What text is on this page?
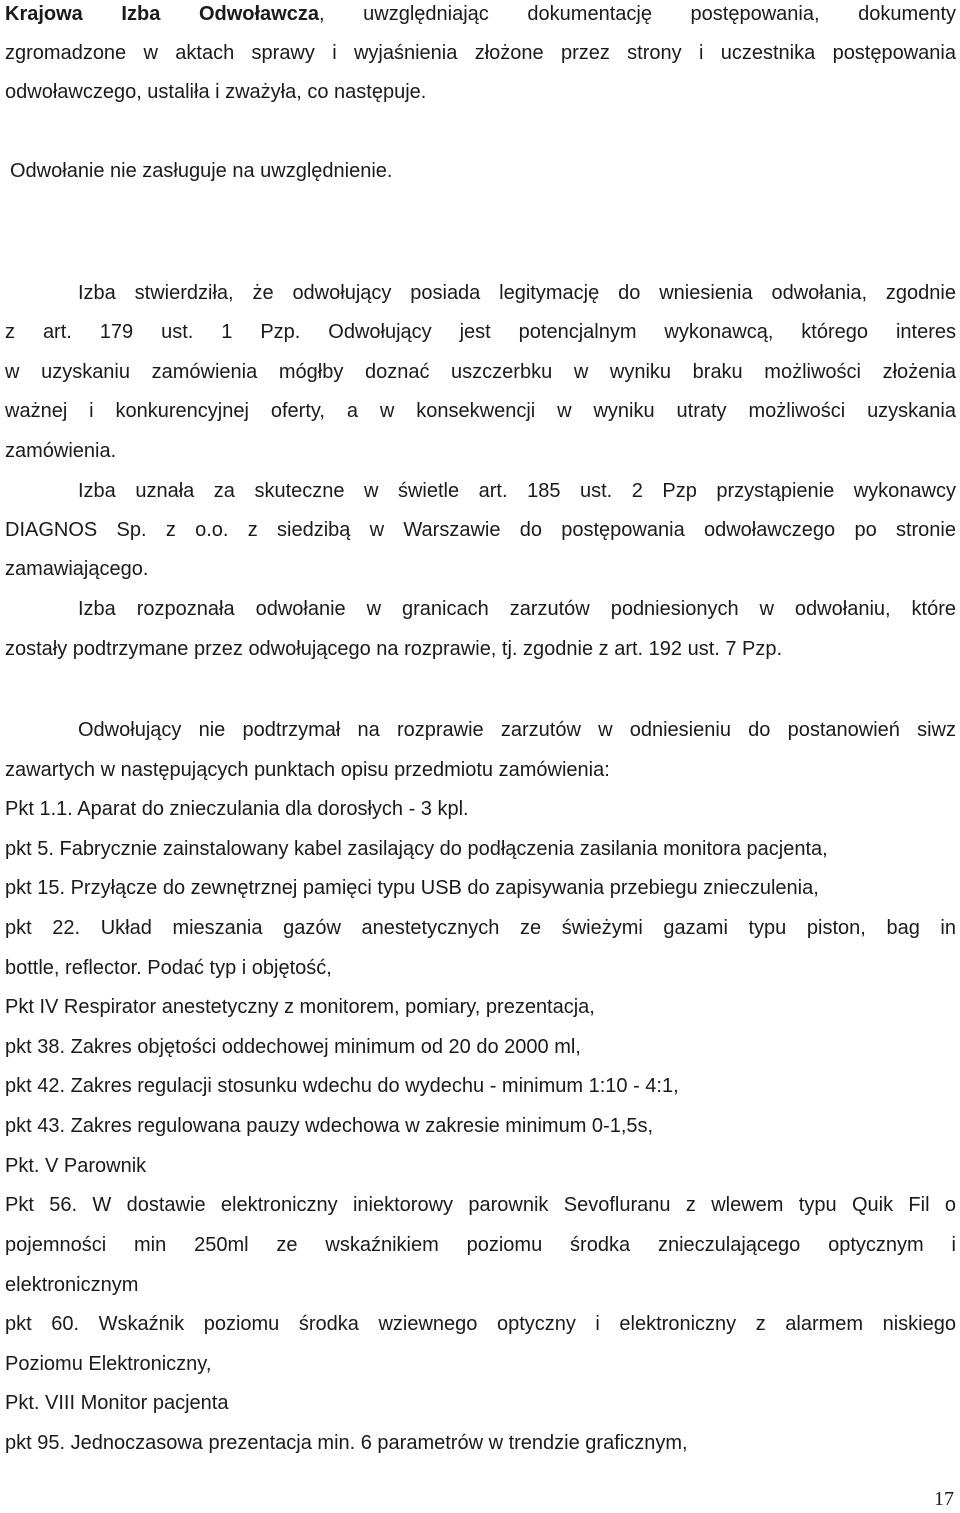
Krajowa Izba Odwoławcza, uwzględniając dokumentację postępowania, dokumenty
zgromadzone w aktach sprawy i wyjaśnienia złożone przez strony i uczestnika postępowania
odwoławczego, ustaliła i zważyła, co następuje.
Odwołanie nie zasługuje na uwzględnienie.
Izba stwierdziła, że odwołujący posiada legitymację do wniesienia odwołania, zgodnie
z art. 179 ust. 1 Pzp. Odwołujący jest potencjalnym wykonawcą, którego interes
w uzyskaniu zamówienia mógłby doznać uszczerbku w wyniku braku możliwości złożenia
ważnej i konkurencyjnej oferty, a w konsekwencji w wyniku utraty możliwości uzyskania
zamówienia.
Izba uznała za skuteczne w świetle art. 185 ust. 2 Pzp przystąpienie wykonawcy
DIAGNOS Sp. z o.o. z siedzibą w Warszawie do postępowania odwoławczego po stronie
zamawiającego.
Izba rozpoznała odwołanie w granicach zarzutów podniesionych w odwołaniu, które
zostały podtrzymane przez odwołującego na rozprawie, tj. zgodnie z art. 192 ust. 7 Pzp.
Odwołujący nie podtrzymał na rozprawie zarzutów w odniesieniu do postanowień siwz
zawartych w następujących punktach opisu przedmiotu zamówienia:
Pkt 1.1. Aparat do znieczulania dla dorosłych - 3 kpl.
pkt 5. Fabrycznie zainstalowany kabel zasilający do podłączenia zasilania monitora pacjenta,
pkt 15. Przyłącze do zewnętrznej pamięci typu USB do zapisywania przebiegu znieczulenia,
pkt 22. Układ mieszania gazów anestetycznych ze świeżymi gazami typu piston, bag in
bottle, reflector. Podać typ i objętość,
Pkt IV Respirator anestetyczny z monitorem, pomiary, prezentacja,
pkt 38. Zakres objętości oddechowej minimum od 20 do 2000 ml,
pkt 42. Zakres regulacji stosunku wdechu do wydechu - minimum 1:10 - 4:1,
pkt 43. Zakres regulowana pauzy wdechowa w zakresie minimum 0-1,5s,
Pkt. V Parownik
Pkt 56. W dostawie elektroniczny iniektorowy parownik Sevofluranu z wlewem typu Quik Fil o
pojemności min 250ml ze wskaźnikiem poziomu środka znieczulającego optycznym i
elektronicznym
pkt 60. Wskaźnik poziomu środka wziewnego optyczny i elektroniczny z alarmem niskiego
Poziomu Elektroniczny,
Pkt. VIII Monitor pacjenta
pkt 95. Jednoczasowa prezentacja min. 6 parametrów w trendzie graficznym,
17
